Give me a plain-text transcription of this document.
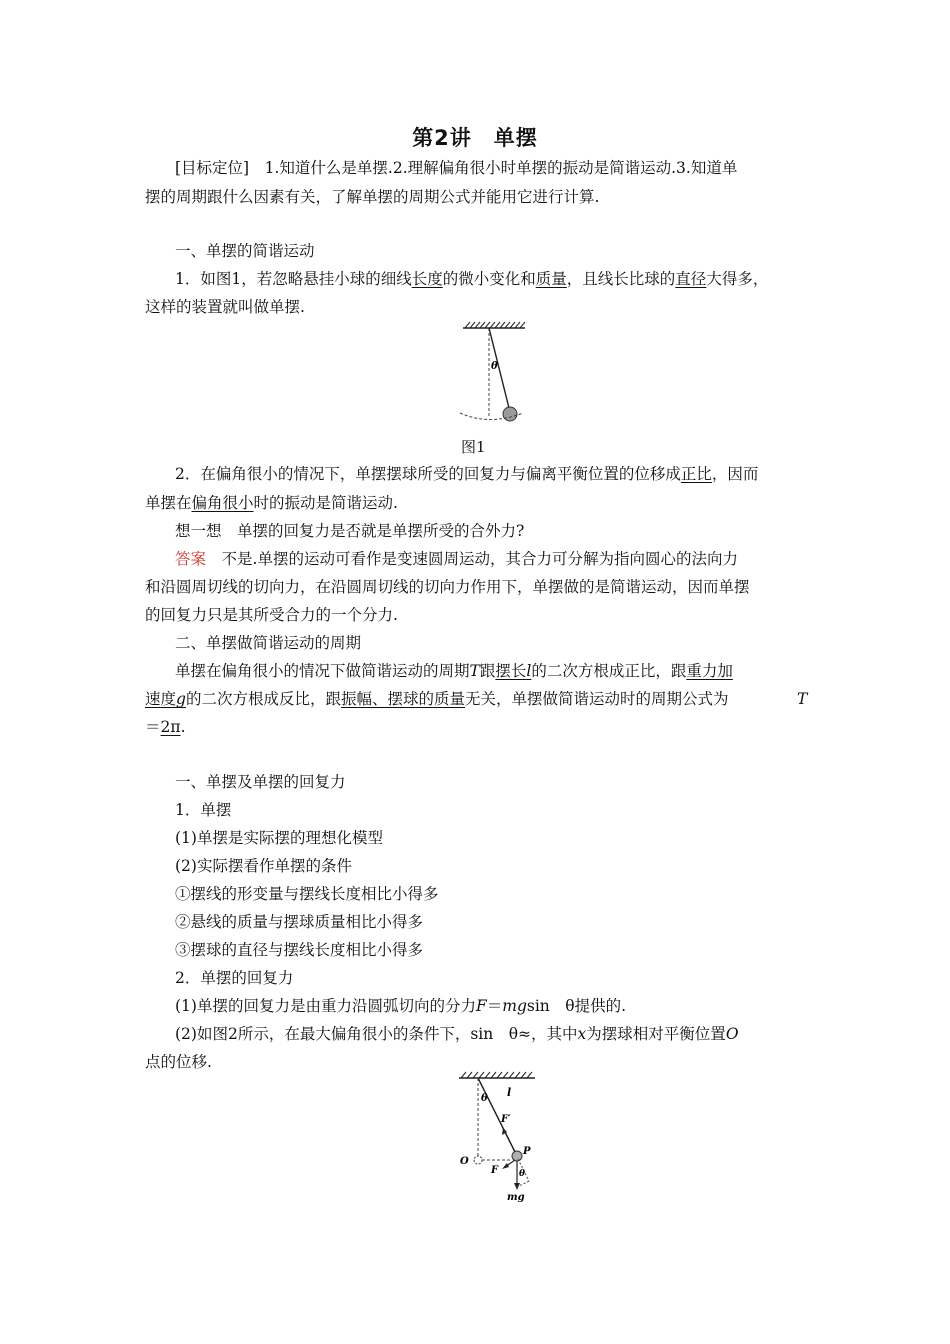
第2讲　单摆
[目标定位]　 1.知道什么是单摆.2.理解偏角很小时单摆的振动是简谐运动.3.知道单
摆的周期跟什么因素有关，了解单摆的周期公式并能用它进行计算.
一、单摆的简谐运动
1．如图1，若忽略悬挂小球的细线长度的微小变化和质量，且线长比球的直径大得多，
这样的装置就叫做单摆.
θ
图1
2．在偏角很小的情况下，单摆摆球所受的回复力与偏离平衡位置的位移成正比，因而
单摆在偏角很小时的振动是简谐运动.
想一想　单摆的回复力是否就是单摆所受的合外力?
答案　不是.单摆的运动可看作是变速圆周运动，其合力可分解为指向圆心的法向力
和沿圆周切线的切向力，在沿圆周切线的切向力作用下，单摆做的是简谐运动，因而单摆
的回复力只是其所受合力的一个分力.
二、单摆做简谐运动的周期
单摆在偏角很小的情况下做简谐运动的周期T跟摆长l的二次方根成正比，跟重力加
速度g的二次方根成反比，跟振幅、摆球的质量无关，单摆做简谐运动时的周期公式为	T
＝2π.
一、单摆及单摆的回复力
1．单摆
(1)单摆是实际摆的理想化模型
(2)实际摆看作单摆的条件
①摆线的形变量与摆线长度相比小得多
②悬线的质量与摆球质量相比小得多
③摆球的直径与摆线长度相比小得多
2．单摆的回复力
(1)单摆的回复力是由重力沿圆弧切向的分力F＝mgsin　θ提供的.
(2)如图2所示，在最大偏角很小的条件下，sin　θ≈，其中x为摆球相对平衡位置O
点的位移.
θ l
F′
P
O
F θ
mg
